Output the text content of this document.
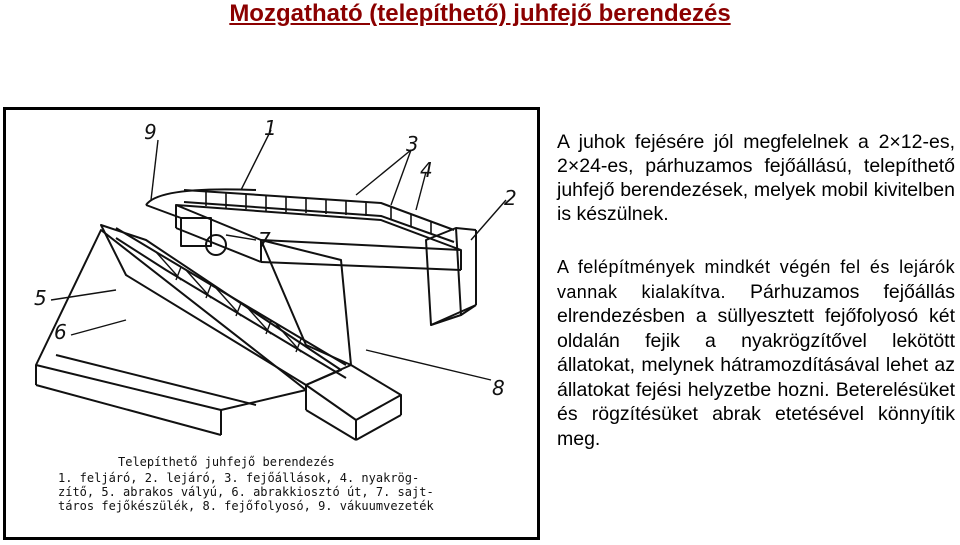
Mozgatható (telepíthető) juhfejő berendezés
9	1
3
4
2
7
5
6
8
Telepíthető juhfejő berendezés
1. feljáró, 2. lejáró, 3. fejőállások, 4. nyakrög-
zítő, 5. abrakos vályú, 6. abrakkiosztó út, 7. sajt-
táros fejőkészülék, 8. fejőfolyosó, 9. vákuumvezeték
A juhok fejésére jól megfelelnek a 2×12-es, 2×24-es, párhuzamos fejőállású, telepíthető juhfejő berendezések, melyek mobil kivitelben is készülnek.
A felépítmények mindkét végén fel és lejárók vannak kialakítva. Párhuzamos fejőállás elrendezésben a süllyesztett fejőfolyosó két oldalán fejik a nyakrögzítővel lekötött állatokat, melynek hátramozdításával lehet az állatokat fejési helyzetbe hozni. Beterelésüket és rögzítésüket abrak etetésével könnyítik meg.
